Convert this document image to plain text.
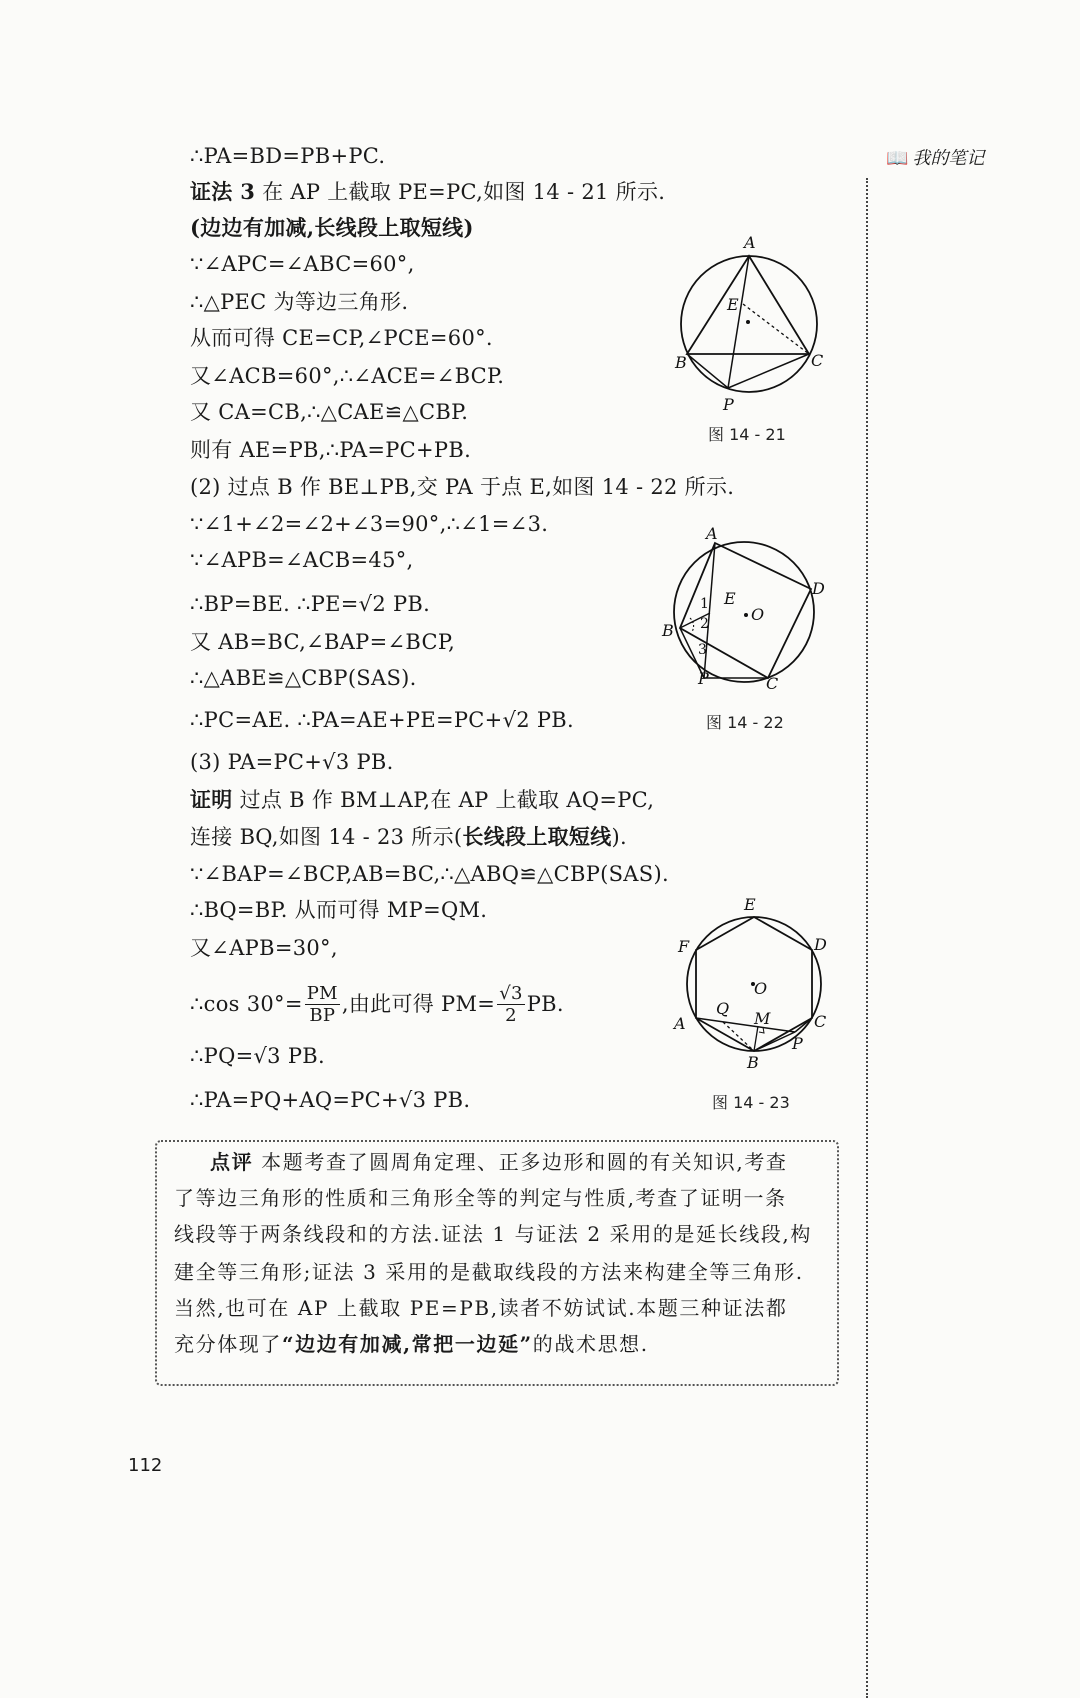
📖 我的笔记
∴PA=BD=PB+PC.
证法 3 在 AP 上截取 PE=PC,如图 14 - 21 所示.
(边边有加减,长线段上取短线)
∵∠APC=∠ABC=60°,
∴△PEC 为等边三角形.
从而可得 CE=CP,∠PCE=60°.
又∠ACB=60°,∴∠ACE=∠BCP.
又 CA=CB,∴△CAE≌△CBP.
则有 AE=PB,∴PA=PC+PB.
(2) 过点 B 作 BE⊥PB,交 PA 于点 E,如图 14 - 22 所示.
∵∠1+∠2=∠2+∠3=90°,∴∠1=∠3.
∵∠APB=∠ACB=45°,
∴BP=BE. ∴PE=√2 PB.
又 AB=BC,∠BAP=∠BCP,
∴△ABE≌△CBP(SAS).
∴PC=AE. ∴PA=AE+PE=PC+√2 PB.
(3) PA=PC+√3 PB.
证明 过点 B 作 BM⊥AP,在 AP 上截取 AQ=PC,
连接 BQ,如图 14 - 23 所示(长线段上取短线).
∵∠BAP=∠BCP,AB=BC,∴△ABQ≌△CBP(SAS).
∴BQ=BP. 从而可得 MP=QM.
又∠APB=30°,
∴cos $30^\circ= \frac{PM}{BP}$ ,由此可得 $PM= \frac{√3}{2}$ PB.
∴PQ=√3 PB.
∴PA=PQ+AQ=PC+√3 PB.
A
E
B	C
P
图 14 - 21
A
D
E
O
1
2
3
B
P	C
图 14 - 22
E
F	D
O
A
Q
M	C
P
B
图 14 - 23
点评 本题考查了圆周角定理、正多边形和圆的有关知识,考查
了等边三角形的性质和三角形全等的判定与性质,考查了证明一条
线段等于两条线段和的方法.证法 1 与证法 2 采用的是延长线段,构
建全等三角形;证法 3 采用的是截取线段的方法来构建全等三角形.
当然,也可在 AP 上截取 PE=PB,读者不妨试试.本题三种证法都
充分体现了“边边有加减,常把一边延”的战术思想.
112
